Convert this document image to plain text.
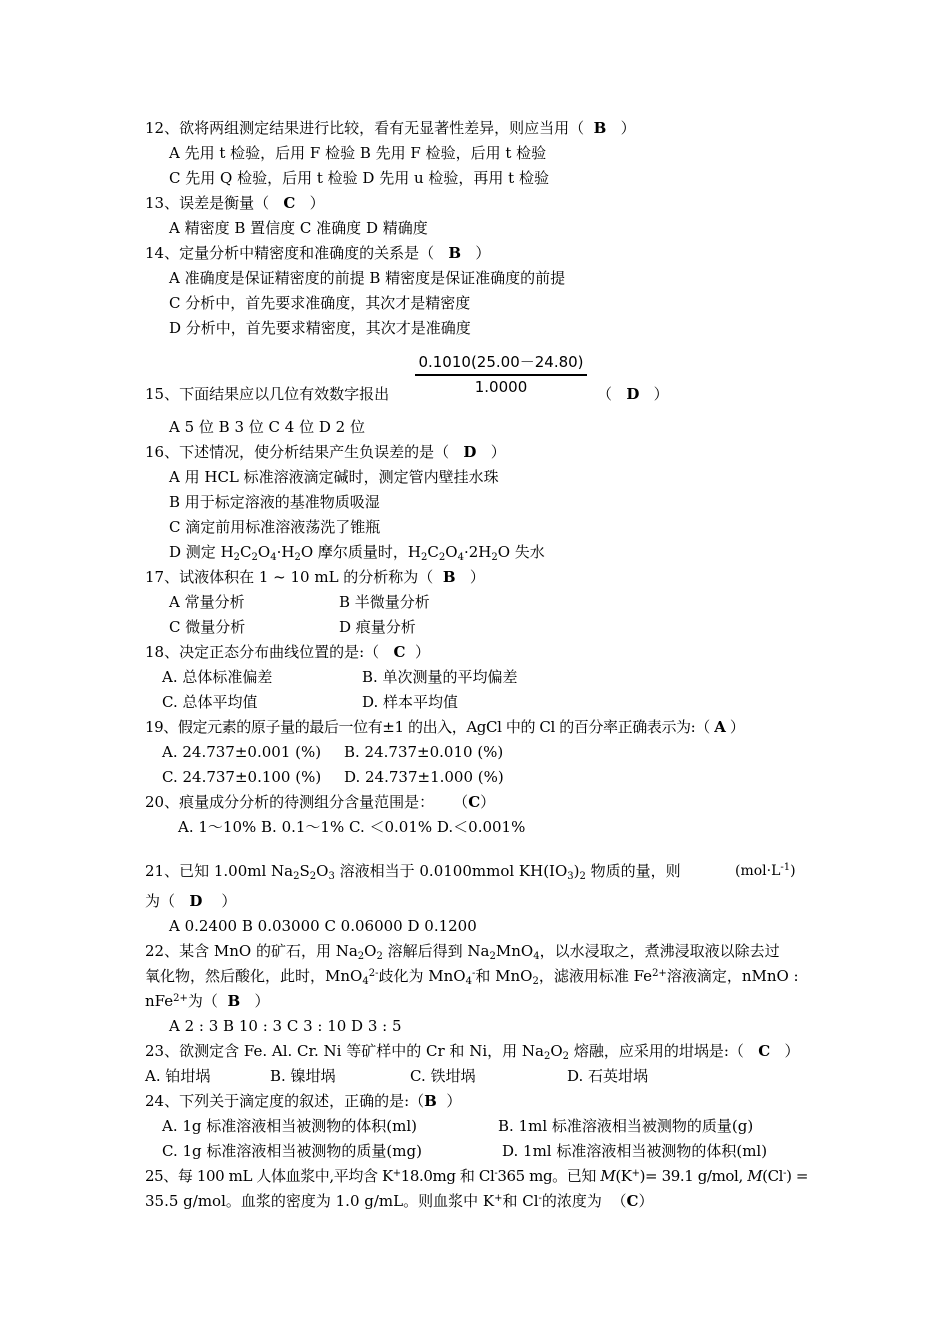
12、欲将两组测定结果进行比较，看有无显著性差异，则应当用（ B ）
A 先用 t 检验，后用 F 检验 B 先用 F 检验，后用 t 检验
C 先用 Q 检验，后用 t 检验 D 先用 u 检验，再用 t 检验
13、误差是衡量（ C ）
A 精密度 B 置信度 C 准确度 D 精确度
14、定量分析中精密度和准确度的关系是（ B ）
A 准确度是保证精密度的前提 B 精密度是保证准确度的前提
C 分析中，首先要求准确度，其次才是精密度
D 分析中，首先要求精密度，其次才是准确度
$\frac{0.1010(25.00-24.80)}{1.0000}$
15、下面结果应以几位有效数字报出	（ D ）
A 5 位 B 3 位 C 4 位 D 2 位
16、下述情况，使分析结果产生负误差的是（ D ）
A 用 HCL 标准溶液滴定碱时，测定管内壁挂水珠
B 用于标定溶液的基准物质吸湿
C 滴定前用标准溶液荡洗了锥瓶
D 测定 $H_2C_2O_4\cdot H_2O$ 摩尔质量时，$H_2C_2O_4\cdot 2H_2O$ 失水
17、试液体积在 1 ~ 10 mL 的分析称为（ B ）
A 常量分析	B 半微量分析
C 微量分析	D 痕量分析
18、决定正态分布曲线位置的是:（ C ）
A. 总体标准偏差	B. 单次测量的平均偏差
C. 总体平均值	D. 样本平均值
19、假定元素的原子量的最后一位有±1 的出入，AgCl 中的 Cl 的百分率正确表示为:（ A ）
A. 24.737±0.001 (%) B. 24.737±0.010 (%)
C. 24.737±0.100 (%) D. 24.737±1.000 (%)
20、痕量成分分析的待测组分含量范围是： （C）
A. 1～10% B. 0.1～1% C. ＜0.01% D.＜0.001%
21、已知 1.00ml $Na_2S_2O_3$ 溶液相当于 0.0100mmol $KH(IO_3)_2$ 物质的量，则	$(mol\cdot L^{-1})$
为（ D ）
A 0.2400 B 0.03000 C 0.06000 D 0.1200
22、某含 MnO 的矿石，用 $Na_2O_2$ 溶解后得到 $Na_2MnO_4$，以水浸取之，煮沸浸取液以除去过
氧化物，然后酸化，此时，MnO$_4^{2-}$歧化为 MnO$_4$-和 MnO$_2$，滤液用标准 $Fe^{2+}$溶液滴定，nMnO :
nFe$^{2+}$为（ B ）
A 2 : 3 B 10 : 3 C 3 : 10 D 3 : 5
23、欲测定含 Fe. Al. Cr. Ni 等矿样中的 Cr 和 Ni，用 $Na_2O_2$ 熔融，应采用的坩埚是:（ C ）
A. 铂坩埚	B. 镍坩埚	C. 铁坩埚	D. 石英坩埚
24、下列关于滴定度的叙述，正确的是:（B ）
A. 1g 标准溶液相当被测物的体积(ml)	B. 1ml 标准溶液相当被测物的质量(g)
C. 1g 标准溶液相当被测物的质量(mg)	D. 1ml 标准溶液相当被测物的体积(ml)
25、每 100 mL 人体血浆中,平均含 K+18.0mg 和 Cl-365 mg。已知 M(K+)= 39.1 g/mol, M(Cl-) =
35.5 g/mol。血浆的密度为 1.0 g/mL。则血浆中 K+和 Cl-的浓度为 （C）
